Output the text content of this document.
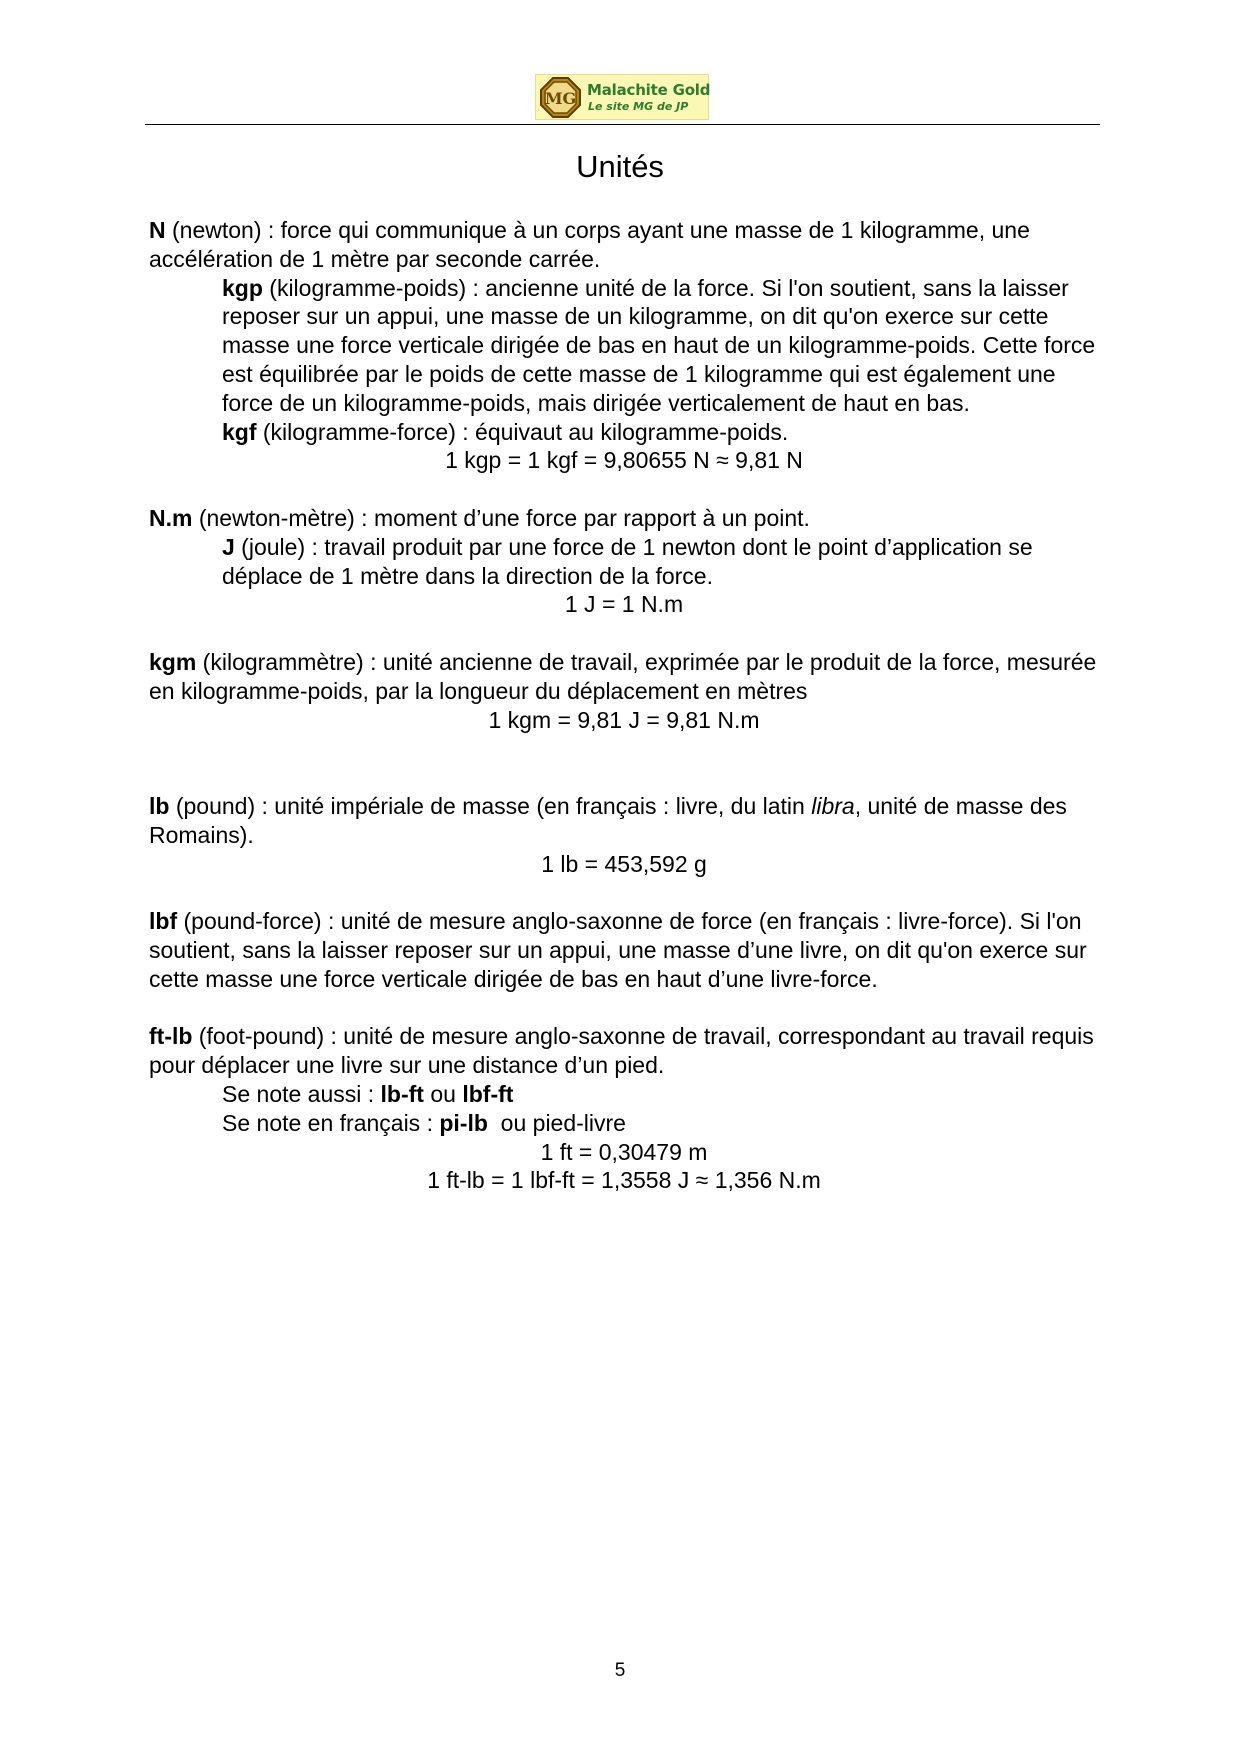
MG Malachite Gold
Le site MG de JP
Unités

N (newton) : force qui communique à un corps ayant une masse de 1 kilogramme, une accélération de 1 mètre par seconde carrée.

kgp (kilogramme-poids) : ancienne unité de la force. Si l'on soutient, sans la laisser reposer sur un appui, une masse de un kilogramme, on dit qu'on exerce sur cette masse une force verticale dirigée de bas en haut de un kilogramme-poids. Cette force est équilibrée par le poids de cette masse de 1 kilogramme qui est également une force de un kilogramme-poids, mais dirigée verticalement de haut en bas.

kgf (kilogramme-force) : équivaut au kilogramme-poids.

1 kgp = 1 kgf = 9,80655 N ≈ 9,81 N

N.m (newton-mètre) : moment d’une force par rapport à un point.

J (joule) : travail produit par une force de 1 newton dont le point d’application se déplace de 1 mètre dans la direction de la force.

1 J = 1 N.m

kgm (kilogrammètre) : unité ancienne de travail, exprimée par le produit de la force, mesurée en kilogramme-poids, par la longueur du déplacement en mètres

1 kgm = 9,81 J = 9,81 N.m

lb (pound) : unité impériale de masse (en français : livre, du latin libra, unité de masse des Romains).

1 lb = 453,592 g

lbf (pound-force) : unité de mesure anglo-saxonne de force (en français : livre-force). Si l'on soutient, sans la laisser reposer sur un appui, une masse d’une livre, on dit qu'on exerce sur cette masse une force verticale dirigée de bas en haut d’une livre-force.

ft-lb (foot-pound) : unité de mesure anglo-saxonne de travail, correspondant au travail requis pour déplacer une livre sur une distance d’un pied.

Se note aussi : lb-ft ou lbf-ft

Se note en français : pi-lb  ou pied-livre

1 ft = 0,30479 m

1 ft-lb = 1 lbf-ft = 1,3558 J ≈ 1,356 N.m

5
